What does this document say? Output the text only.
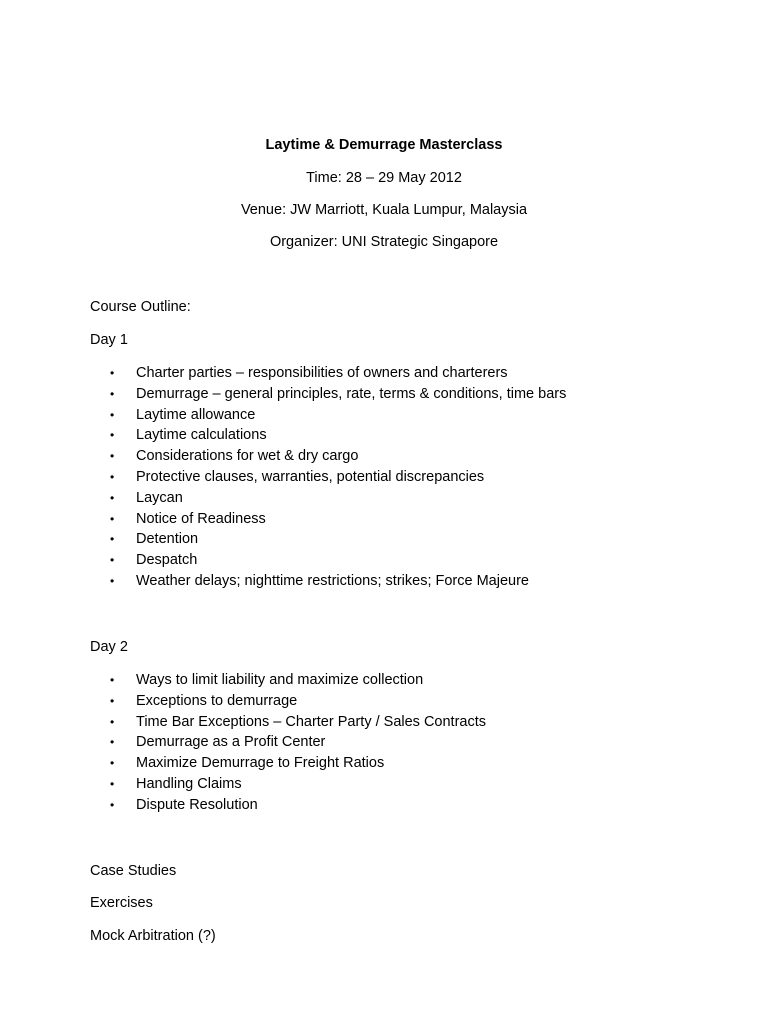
Laytime & Demurrage Masterclass
Time: 28 – 29 May 2012
Venue: JW Marriott, Kuala Lumpur, Malaysia
Organizer: UNI Strategic Singapore
Course Outline:
Day 1
• Charter parties – responsibilities of owners and charterers
• Demurrage – general principles, rate, terms & conditions, time bars
• Laytime allowance
• Laytime calculations
• Considerations for wet & dry cargo
• Protective clauses, warranties, potential discrepancies
• Laycan
• Notice of Readiness
• Detention
• Despatch
• Weather delays; nighttime restrictions; strikes; Force Majeure
Day 2
• Ways to limit liability and maximize collection
• Exceptions to demurrage
• Time Bar Exceptions – Charter Party / Sales Contracts
• Demurrage as a Profit Center
• Maximize Demurrage to Freight Ratios
• Handling Claims
• Dispute Resolution
Case Studies
Exercises
Mock Arbitration (?)
